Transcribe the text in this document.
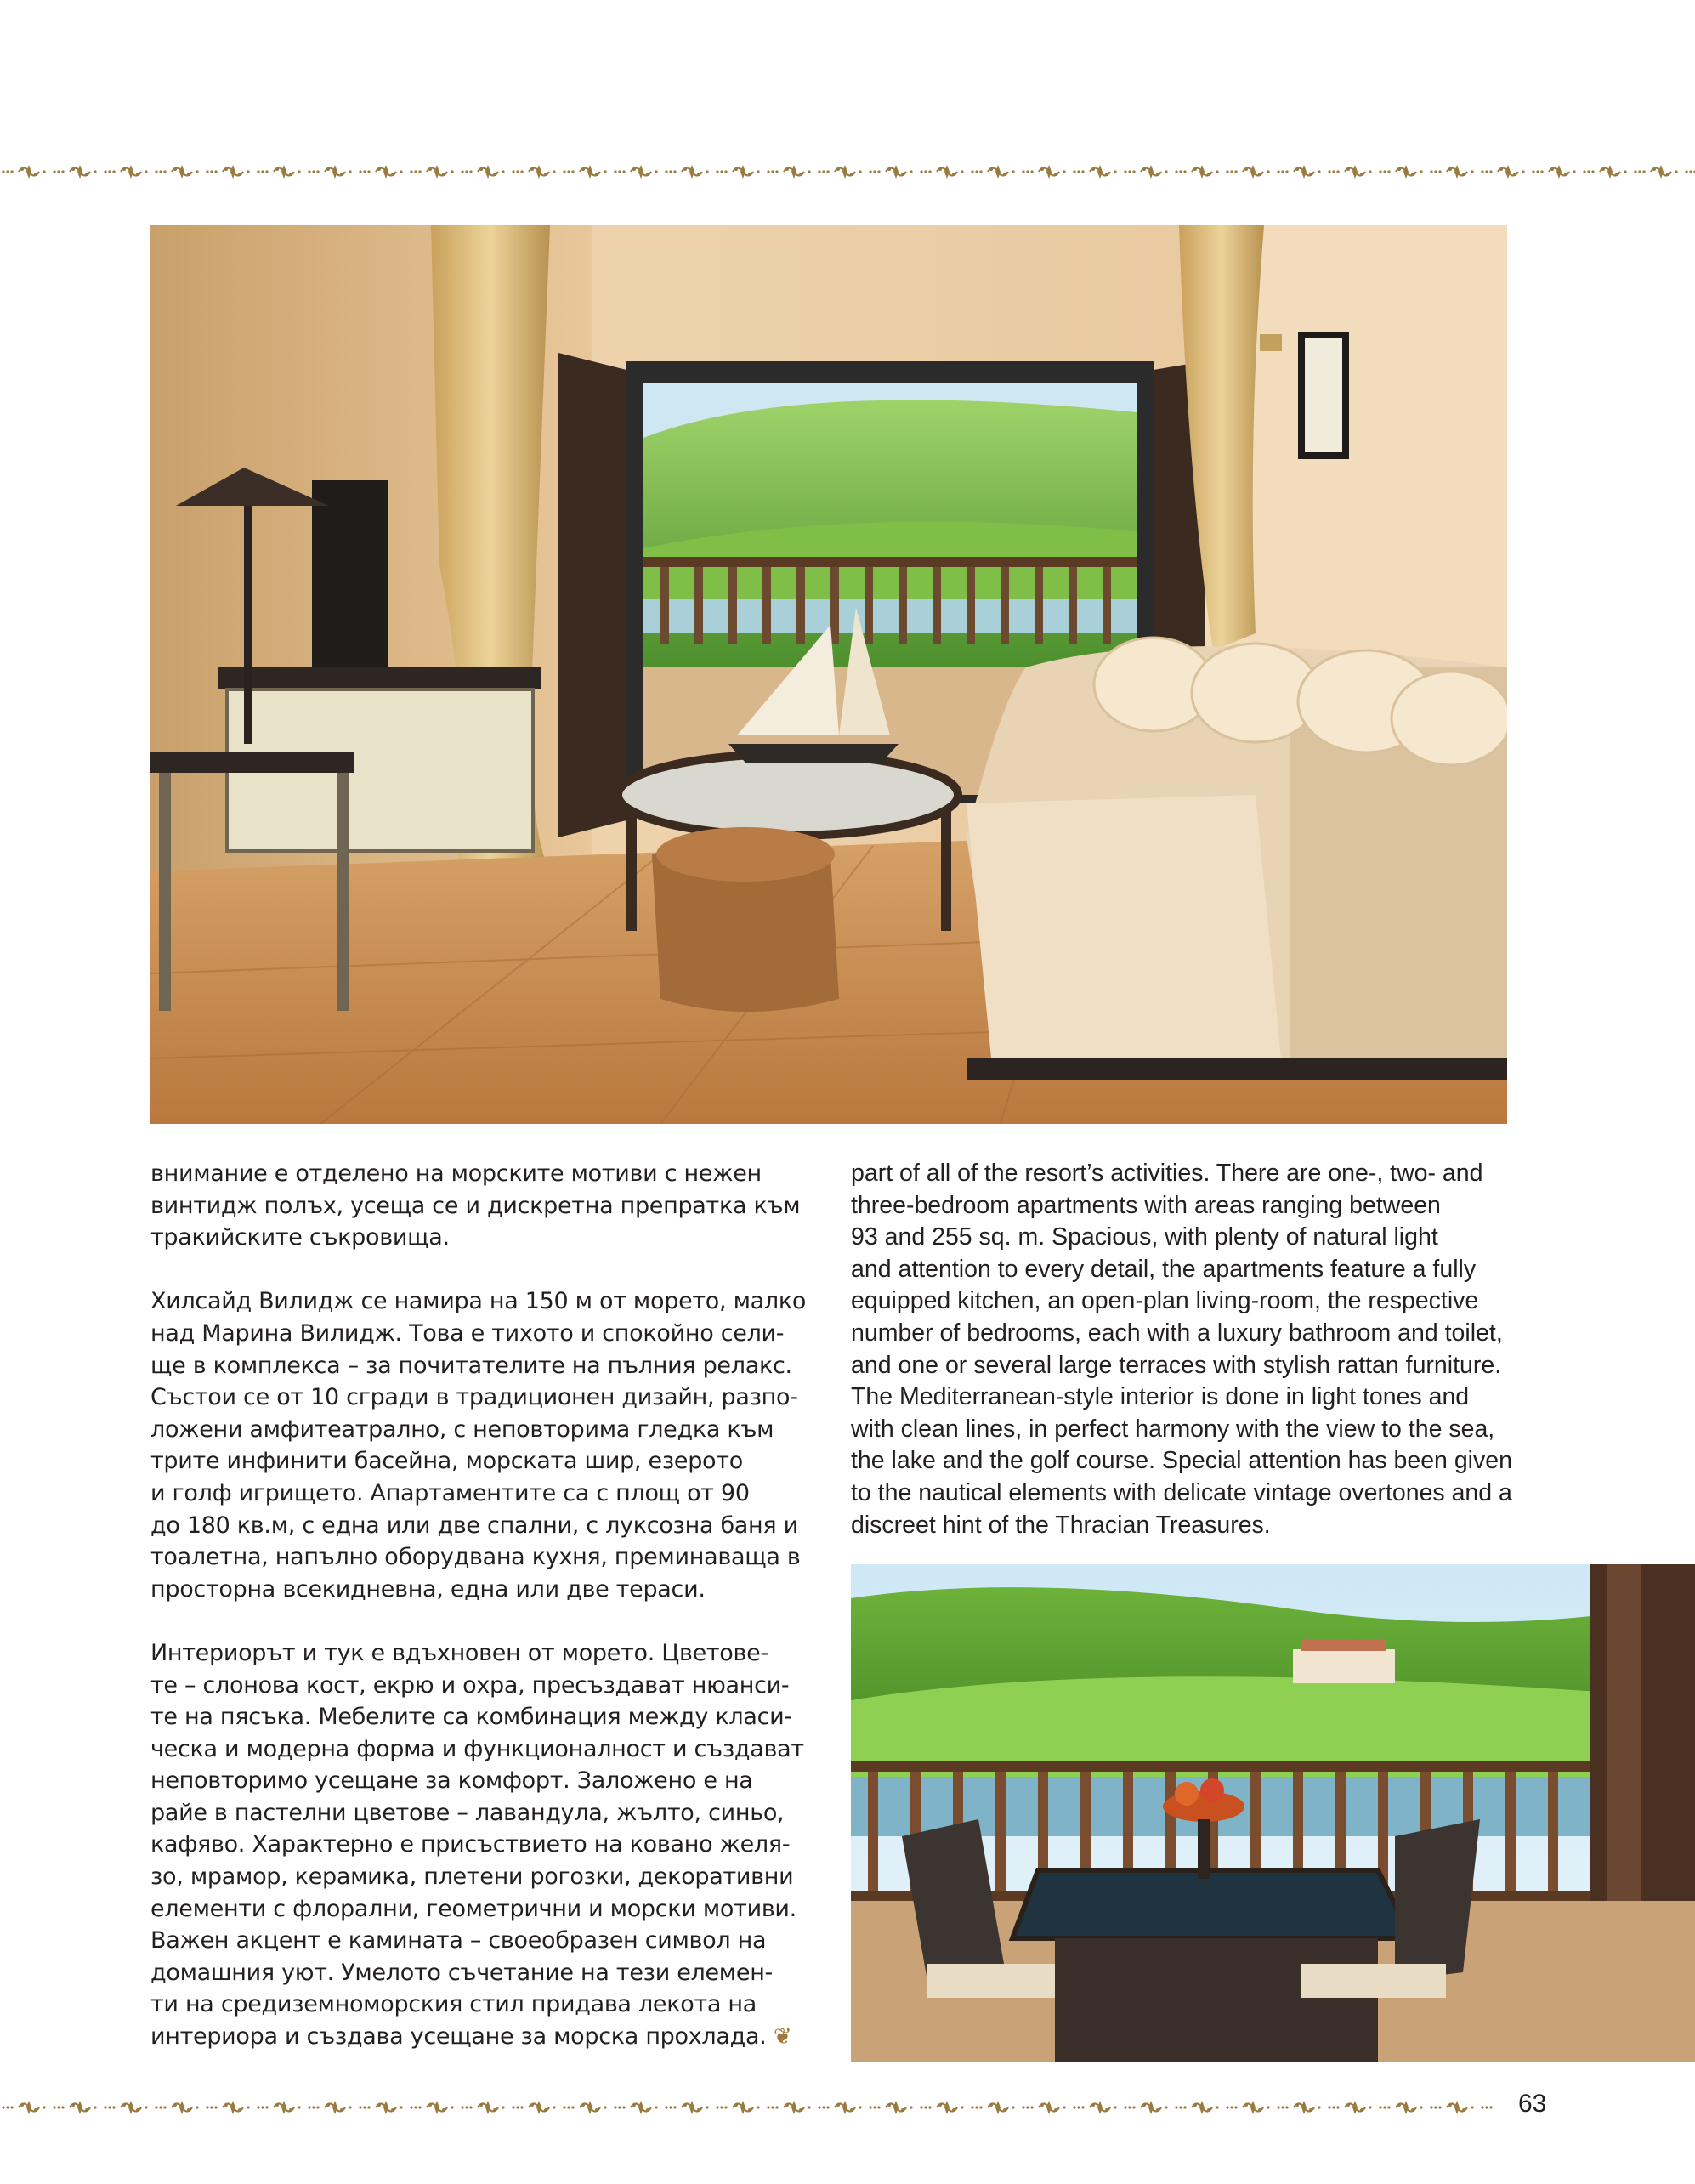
внимание е отделено на морските мотиви с нежен
винтидж полъх, усеща се и дискретна препратка към
тракийските съкровища.

Хилсайд Вилидж се намира на 150 м от морето, малко
над Марина Вилидж. Това е тихото и спокойно сели-
ще в комплекса – за почитателите на пълния релакс.
Състои се от 10 сгради в традиционен дизайн, разпо-
ложени амфитеатрално, с неповторима гледка към
трите инфинити басейна, морската шир, езерото
и голф игрището. Апартаментите са с площ от 90
до 180 кв.м, с една или две спални, с луксозна баня и
тоалетна, напълно оборудвана кухня, преминаваща в
просторна всекидневна, една или две тераси.

Интериорът и тук е вдъхновен от морето. Цветове-
те – слонова кост, екрю и охра, пресъздават нюанси-
те на пясъка. Мебелите са комбинация между класи-
ческа и модерна форма и функционалност и създават
неповторимо усещане за комфорт. Заложено е на
райе в пастелни цветове – лавандула, жълто, синьо,
кафяво. Характерно е присъствието на ковано желя-
зо, мрамор, керамика, плетени рогозки, декоративни
елементи с флорални, геометрични и морски мотиви.
Важен акцент е камината – своеобразен символ на
домашния уют. Умелото съчетание на тези елемен-
ти на средиземноморския стил придава лекота на
интериора и създава усещане за морска прохлада. ❦

part of all of the resort’s activities. There are one-, two- and
three-bedroom apartments with areas ranging between
93 and 255 sq. m. Spacious, with plenty of natural light
and attention to every detail, the apartments feature a fully
equipped kitchen, an open-plan living-room, the respective
number of bedrooms, each with a luxury bathroom and toilet,
and one or several large terraces with stylish rattan furniture.
The Mediterranean-style interior is done in light tones and
with clean lines, in perfect harmony with the view to the sea,
the lake and the golf course. Special attention has been given
to the nautical elements with delicate vintage overtones and a
discreet hint of the Thracian Treasures.

63
